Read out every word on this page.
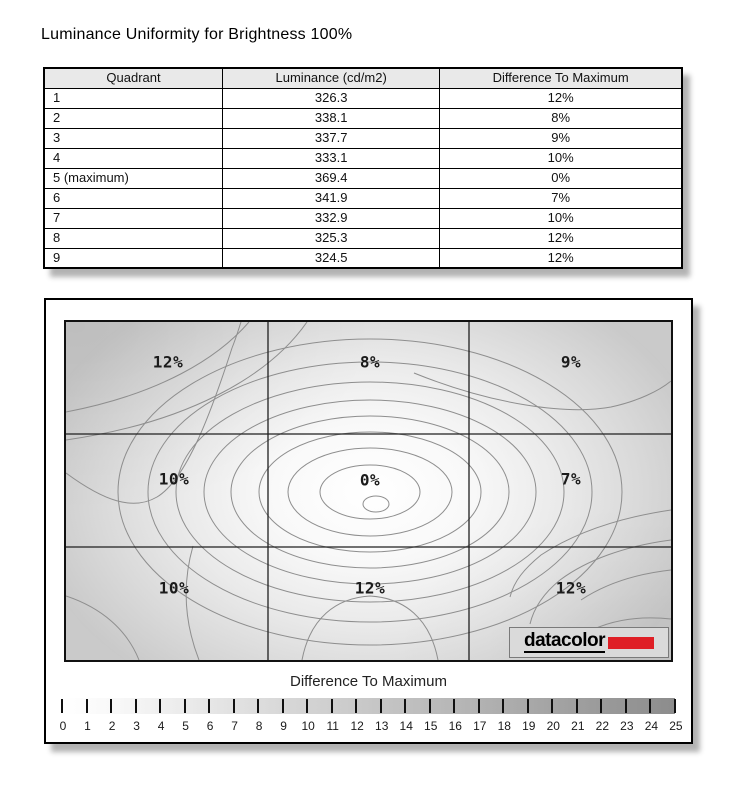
Luminance Uniformity for Brightness 100%
Quadrant	Luminance (cd/m2)	Difference To Maximum
1	326.3	12%
2	338.1	8%
3	337.7	9%
4	333.1	10%
5 (maximum)	369.4	0%
6	341.9	7%
7	332.9	10%
8	325.3	12%
9	324.5	12%
12%	8%	9%
10%	0%	7%
10%	12%	12%
datacolor
Difference To Maximum
0	1	2	3	4	5	6	7	8	9	10 11 12 13 14 15 16 17 18 19 20 21 22 23 24 25
